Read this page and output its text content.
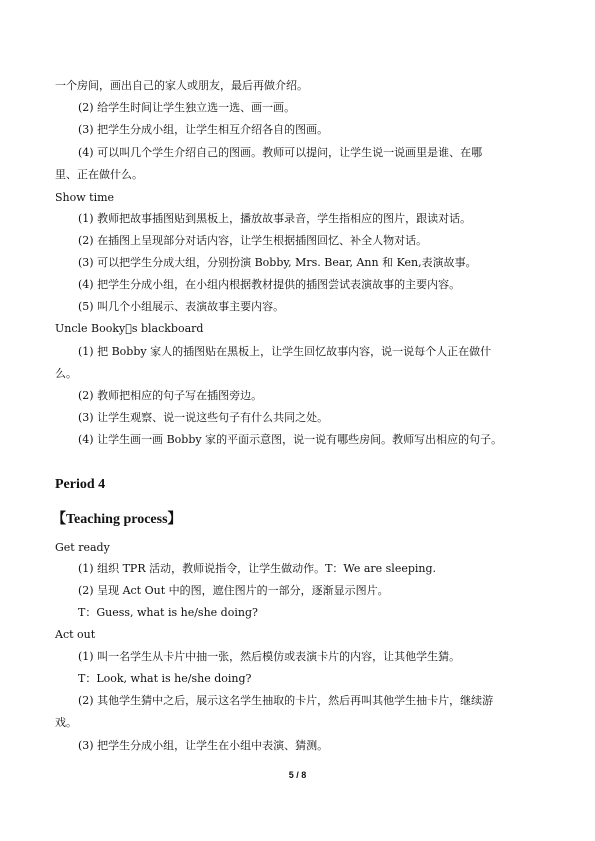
一个房间，画出自己的家人或朋友，最后再做介绍。

(2) 给学生时间让学生独立选一选、画一画。

(3) 把学生分成小组，让学生相互介绍各自的图画。

(4) 可以叫几个学生介绍自己的图画。教师可以提问，让学生说一说画里是谁、在哪

里、正在做什么。

Show time

(1) 教师把故事插图贴到黑板上，播放故事录音，学生指相应的图片，跟读对话。

(2) 在插图上呈现部分对话内容，让学生根据插图回忆、补全人物对话。

(3) 可以把学生分成大组，分别扮演 Bobby, Mrs. Bear, Ann 和 Ken,表演故事。

(4) 把学生分成小组，在小组内根据教材提供的插图尝试表演故事的主要内容。

(5) 叫几个小组展示、表演故事主要内容。

Uncle Booky s blackboard

(1) 把 Bobby 家人的插图贴在黑板上，让学生回忆故事内容，说一说每个人正在做什

么。

(2) 教师把相应的句子写在插图旁边。

(3) 让学生观察、说一说这些句子有什么共同之处。

(4) 让学生画一画 Bobby 家的平面示意图，说一说有哪些房间。教师写出相应的句子。

Period 4

【Teaching process】

Get ready

(1) 组织 TPR 活动，教师说指令，让学生做动作。T：We are sleeping.

(2) 呈现 Act Out 中的图，遮住图片的一部分，逐渐显示图片。

T：Guess, what is he/she doing?

Act out

(1) 叫一名学生从卡片中抽一张，然后模仿或表演卡片的内容，让其他学生猜。

T：Look, what is he/she doing?

(2) 其他学生猜中之后，展示这名学生抽取的卡片，然后再叫其他学生抽卡片，继续游

戏。

(3) 把学生分成小组，让学生在小组中表演、猜测。

5 / 8
